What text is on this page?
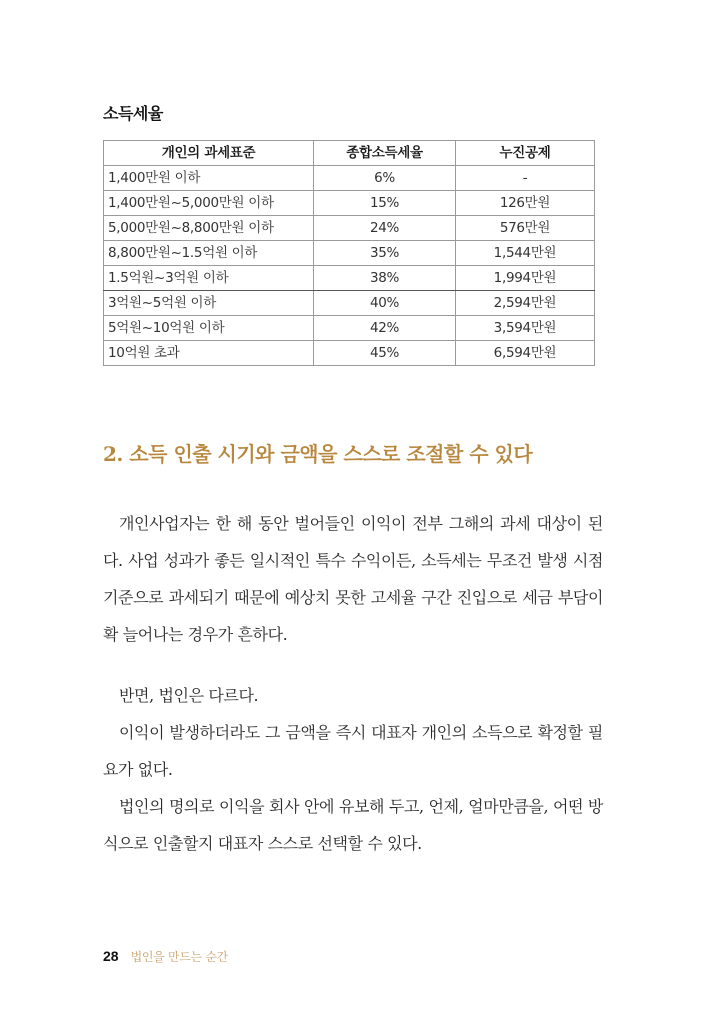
소득세율
개인의 과세표준	종합소득세율	누진공제
1,400만원 이하	6%	-
1,400만원~5,000만원 이하	15%	126만원
5,000만원~8,800만원 이하	24%	576만원
8,800만원~1.5억원 이하	35%	1,544만원
1.5억원~3억원 이하	38%	1,994만원
3억원~5억원 이하	40%	2,594만원
5억원~10억원 이하	42%	3,594만원
10억원 초과	45%	6,594만원
2. 소득 인출 시기와 금액을 스스로 조절할 수 있다

개인사업자는 한 해 동안 벌어들인 이익이 전부 그해의 과세 대상이 된다. 사업 성과가 좋든 일시적인 특수 수익이든, 소득세는 무조건 발생 시점 기준으로 과세되기 때문에 예상치 못한 고세율 구간 진입으로 세금 부담이 확 늘어나는 경우가 흔하다.

반면, 법인은 다르다.

이익이 발생하더라도 그 금액을 즉시 대표자 개인의 소득으로 확정할 필요가 없다.

법인의 명의로 이익을 회사 안에 유보해 두고, 언제, 얼마만큼을, 어떤 방식으로 인출할지 대표자 스스로 선택할 수 있다.

28 법인을 만드는 순간
